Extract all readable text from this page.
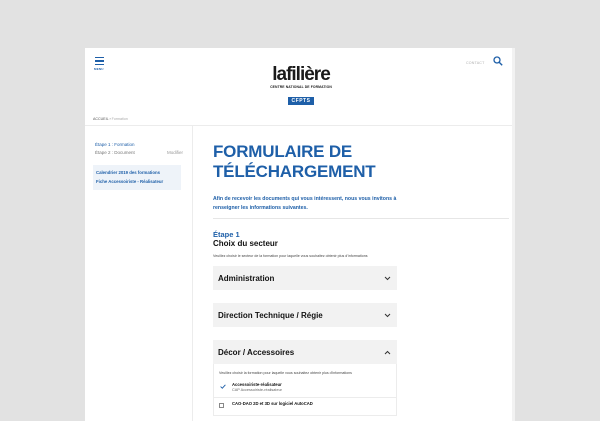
MENU	lafilière
CENTRE NATIONAL DE FORMATION
CFPTS
CONTACT
ACCUEIL › Formation
Étape 1 : Formation
Étape 2 : Document	Modifier
Calendrier 2019 des formations
Fiche Accessoiriste - Réalisateur
FORMULAIRE DE TÉLÉCHARGEMENT

Afin de recevoir les documents qui vous intéressent, nous vous invitons à renseigner les informations suivantes.

Étape 1
Choix du secteur
Veuillez choisir le secteur de la formation pour laquelle vous souhaitez obtenir plus d'informations
Administration
Direction Technique / Régie
Décor / Accessoires
Veuillez choisir la formation pour laquelle vous souhaitez obtenir plus d'informations
Accessoiriste-réalisateur
CAP Accessoiriste-réalisateur
CAO-DAO 2D et 3D sur logiciel AutoCAD
